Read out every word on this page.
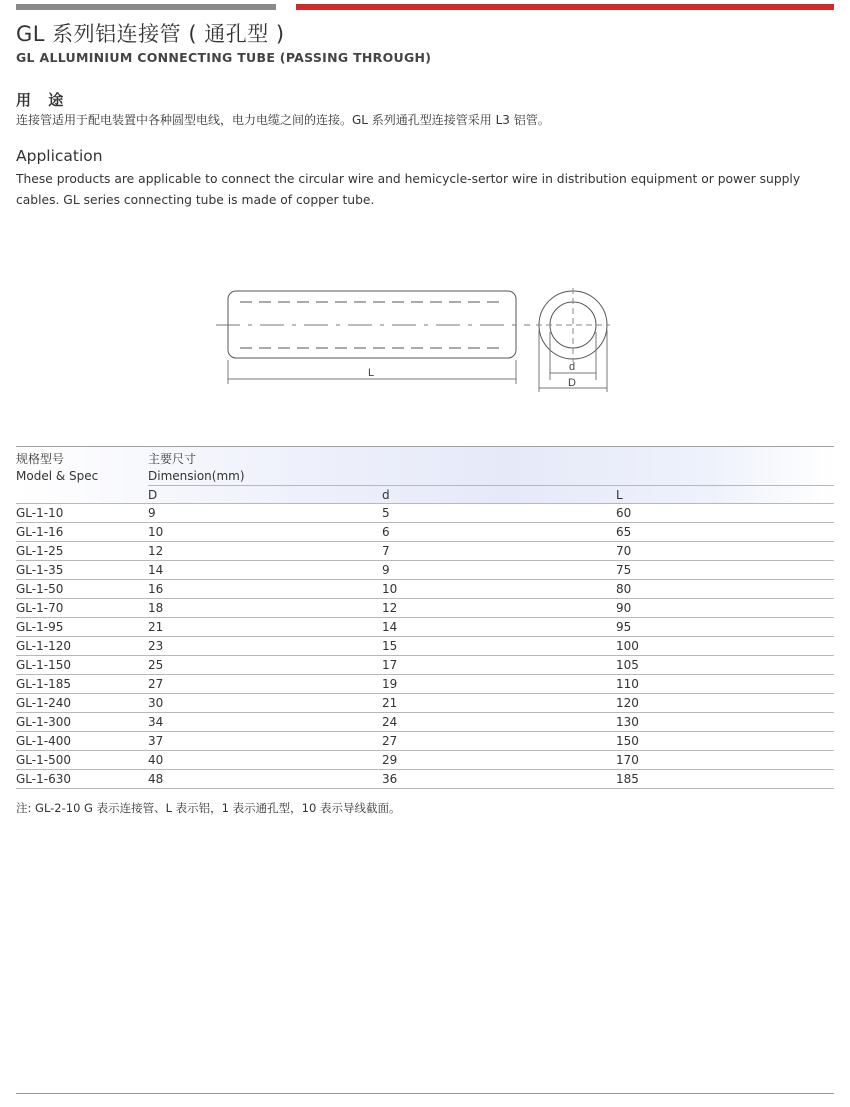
GL 系列铝连接管 ( 通孔型 )
GL ALLUMINIUM CONNECTING TUBE (PASSING THROUGH)
用 途
连接管适用于配电装置中各种圆型电线，电力电缆之间的连接。GL 系列通孔型连接管采用 L3 铝管。
Application
These products are applicable to connect the circular wire and hemicycle-sertor wire in distribution equipment or power supply cables. GL series connecting tube is made of copper tube.
L	d
D
规格型号	主要尺寸		
Model & Spec	Dimension(mm)		
	D	d	L
GL-1-10	9	5	60
GL-1-16	10	6	65
GL-1-25	12	7	70
GL-1-35	14	9	75
GL-1-50	16	10	80
GL-1-70	18	12	90
GL-1-95	21	14	95
GL-1-120	23	15	100
GL-1-150	25	17	105
GL-1-185	27	19	110
GL-1-240	30	21	120
GL-1-300	34	24	130
GL-1-400	37	27	150
GL-1-500	40	29	170
GL-1-630	48	36	185
注: GL-2-10 G 表示连接管、L 表示铝，1 表示通孔型，10 表示导线截面。
